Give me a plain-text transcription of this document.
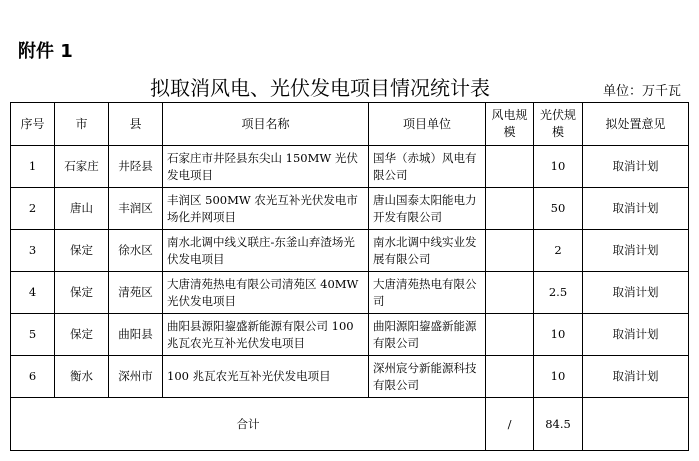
附件 1
拟取消风电、光伏发电项目情况统计表	单位：万千瓦
序号	市	县	项目名称	项目单位	风电规模	光伏规模	拟处置意见
1	石家庄	井陉县	石家庄市井陉县东尖山 150MW 光伏发电项目	国华（赤城）风电有限公司		10	取消计划
2	唐山	丰润区	丰润区 500MW 农光互补光伏发电市场化并网项目	唐山国泰太阳能电力开发有限公司		50	取消计划
3	保定	徐水区	南水北调中线义联庄-东釜山弃渣场光伏发电项目	南水北调中线实业发展有限公司		2	取消计划
4	保定	清苑区	大唐清苑热电有限公司清苑区 40MW 光伏发电项目	大唐清苑热电有限公司		2.5	取消计划
5	保定	曲阳县	曲阳县源阳鋆盛新能源有限公司 100 兆瓦农光互补光伏发电项目	曲阳源阳鋆盛新能源有限公司		10	取消计划
6	衡水	深州市	100 兆瓦农光互补光伏发电项目	深州宸兮新能源科技有限公司		10	取消计划
合计					/	84.5	
